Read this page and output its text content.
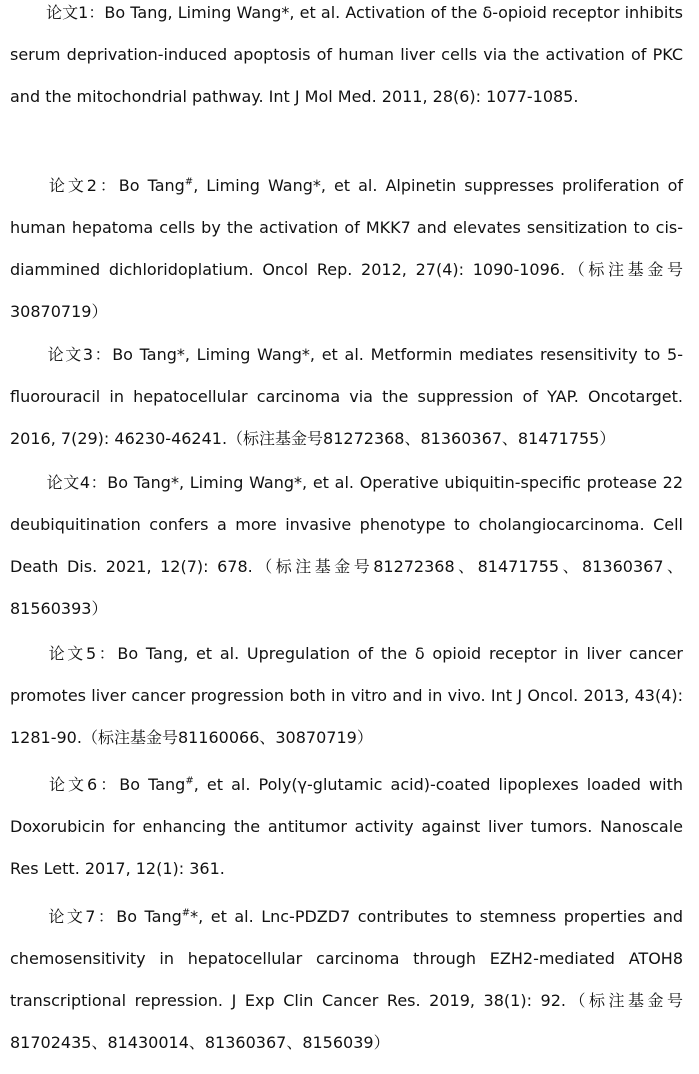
论文1：Bo Tang, Liming Wang*, et al. Activation of the δ-opioid receptor inhibits serum deprivation-induced apoptosis of human liver cells via the activation of PKC and the mitochondrial pathway. Int J Mol Med. 2011, 28(6): 1077-1085.

论文2：Bo Tang#, Liming Wang*, et al. Alpinetin suppresses proliferation of human hepatoma cells by the activation of MKK7 and elevates sensitization to cis-diammined dichloridoplatium. Oncol Rep. 2012, 27(4): 1090-1096.（标注基金号30870719）

论文3：Bo Tang*, Liming Wang*, et al. Metformin mediates resensitivity to 5-fluorouracil in hepatocellular carcinoma via the suppression of YAP. Oncotarget. 2016, 7(29): 46230-46241.（标注基金号81272368、81360367、81471755）

论文4：Bo Tang*, Liming Wang*, et al. Operative ubiquitin-specific protease 22 deubiquitination confers a more invasive phenotype to cholangiocarcinoma. Cell Death Dis. 2021, 12(7): 678.（标注基金号81272368、81471755、81360367、81560393）

论文5：Bo Tang, et al. Upregulation of the δ opioid receptor in liver cancer promotes liver cancer progression both in vitro and in vivo. Int J Oncol. 2013, 43(4): 1281-90.（标注基金号81160066、30870719）

论文6：Bo Tang#, et al. Poly(γ-glutamic acid)-coated lipoplexes loaded with Doxorubicin for enhancing the antitumor activity against liver tumors. Nanoscale Res Lett. 2017, 12(1): 361.

论文7：Bo Tang#*, et al. Lnc-PDZD7 contributes to stemness properties and chemosensitivity in hepatocellular carcinoma through EZH2-mediated ATOH8 transcriptional repression. J Exp Clin Cancer Res. 2019, 38(1): 92.（标注基金号81702435、81430014、81360367、8156039）
